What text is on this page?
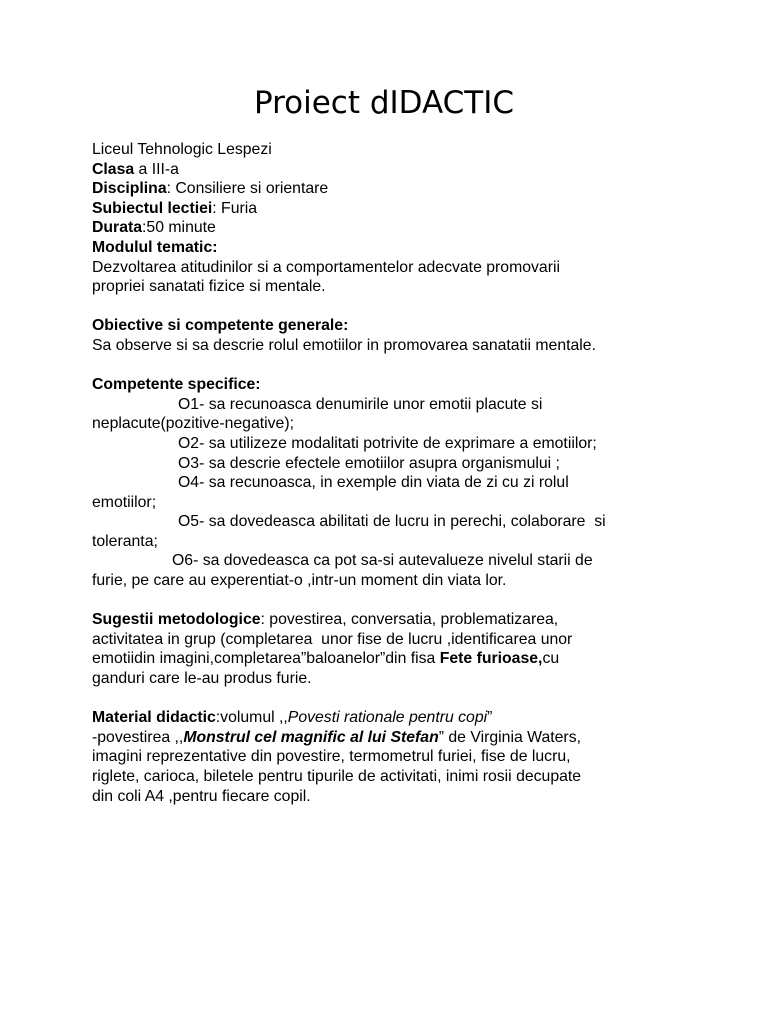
Proiect dIDACTIC
Liceul Tehnologic Lespezi
Clasa a III-a
Disciplina: Consiliere si orientare
Subiectul lectiei: Furia
Durata:50 minute
Modulul tematic:
Dezvoltarea atitudinilor si a comportamentelor adecvate promovarii
propriei sanatati fizice si mentale.
Obiective si competente generale:
Sa observe si sa descrie rolul emotiilor in promovarea sanatatii mentale.
Competente specifice:
O1- sa recunoasca denumirile unor emotii placute si
neplacute(pozitive-negative);
O2- sa utilizeze modalitati potrivite de exprimare a emotiilor;
O3- sa descrie efectele emotiilor asupra organismului ;
O4- sa recunoasca, in exemple din viata de zi cu zi rolul
emotiilor;
O5- sa dovedeasca abilitati de lucru in perechi, colaborare  si
toleranta;
O6- sa dovedeasca ca pot sa-si autevalueze nivelul starii de
furie, pe care au experentiat-o ,intr-un moment din viata lor.
Sugestii metodologice: povestirea, conversatia, problematizarea,
activitatea in grup (completarea  unor fise de lucru ,identificarea unor
emotiidin imagini,completarea”baloanelor”din fisa Fete furioase,cu
ganduri care le-au produs furie.
Material didactic:volumul ,,Povesti rationale pentru copi”
-povestirea ,,Monstrul cel magnific al lui Stefan” de Virginia Waters,
imagini reprezentative din povestire, termometrul furiei, fise de lucru,
riglete, carioca, biletele pentru tipurile de activitati, inimi rosii decupate
din coli A4 ,pentru fiecare copil.
